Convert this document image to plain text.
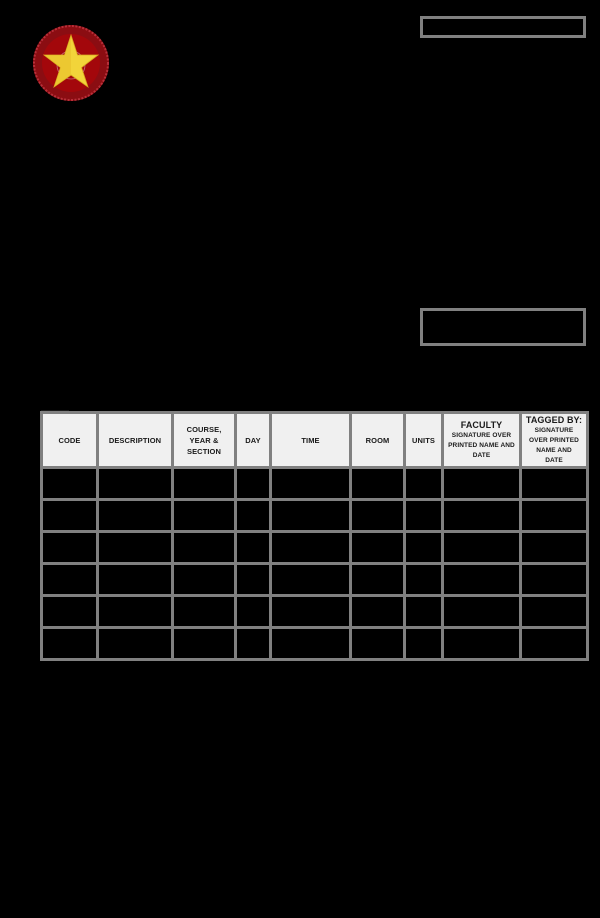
CODE	DESCRIPTION	COURSE,
YEAR &
SECTION	DAY	TIME	ROOM	UNITS	FACULTY
SIGNATURE OVER
PRINTED NAME AND
DATE	TAGGED BY:
SIGNATURE
OVER PRINTED
NAME AND
DATE
